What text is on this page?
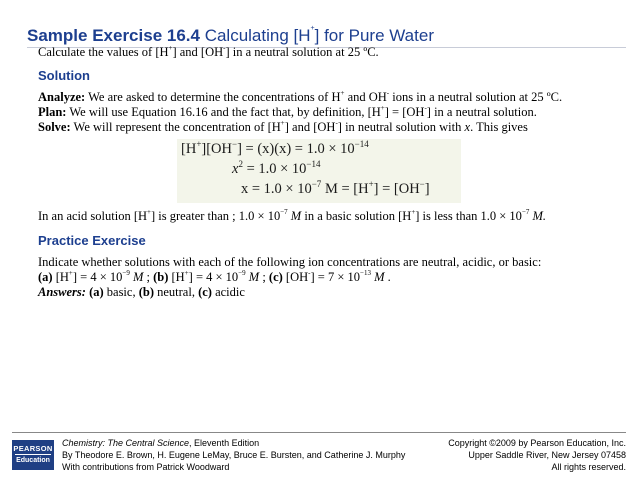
Sample Exercise 16.4 Calculating [H+] for Pure Water
Calculate the values of [H+] and [OH-] in a neutral solution at 25 ºC.
Solution
Analyze: We are asked to determine the concentrations of H+ and OH- ions in a neutral solution at 25 ºC.
Plan: We will use Equation 16.16 and the fact that, by definition, [H+] = [OH-] in a neutral solution.
Solve: We will represent the concentration of [H+] and [OH-] in neutral solution with x. This gives
$[H^+][OH^-] = (x)(x) = 1.0 \times 10^{-14}$
$x^2 = 1.0 \times 10^{-14}$
$x = 1.0 \times 10^{-7}$ M = [H+] = [OH−]
In an acid solution [H+] is greater than ; $1.0 \times 10^{-7}$ M in a basic solution [H+] is less than $1.0 \times 10^{-7}$ M.
Practice Exercise
Indicate whether solutions with each of the following ion concentrations are neutral, acidic, or basic:
(a) $[H^+] = 4 \times 10^{-9}$ M ; (b) $[H^+] = 4 \times 10^{-9}$ M ; (c) $[OH^-] = 7 \times 10^{-13}$ M .
Answers: (a) basic, (b) neutral, (c) acidic
PEARSON
Education
Chemistry: The Central Science, Eleventh Edition
By Theodore E. Brown, H. Eugene LeMay, Bruce E. Bursten, and Catherine J. Murphy
With contributions from Patrick Woodward
Copyright ©2009 by Pearson Education, Inc.
Upper Saddle River, New Jersey 07458
All rights reserved.
